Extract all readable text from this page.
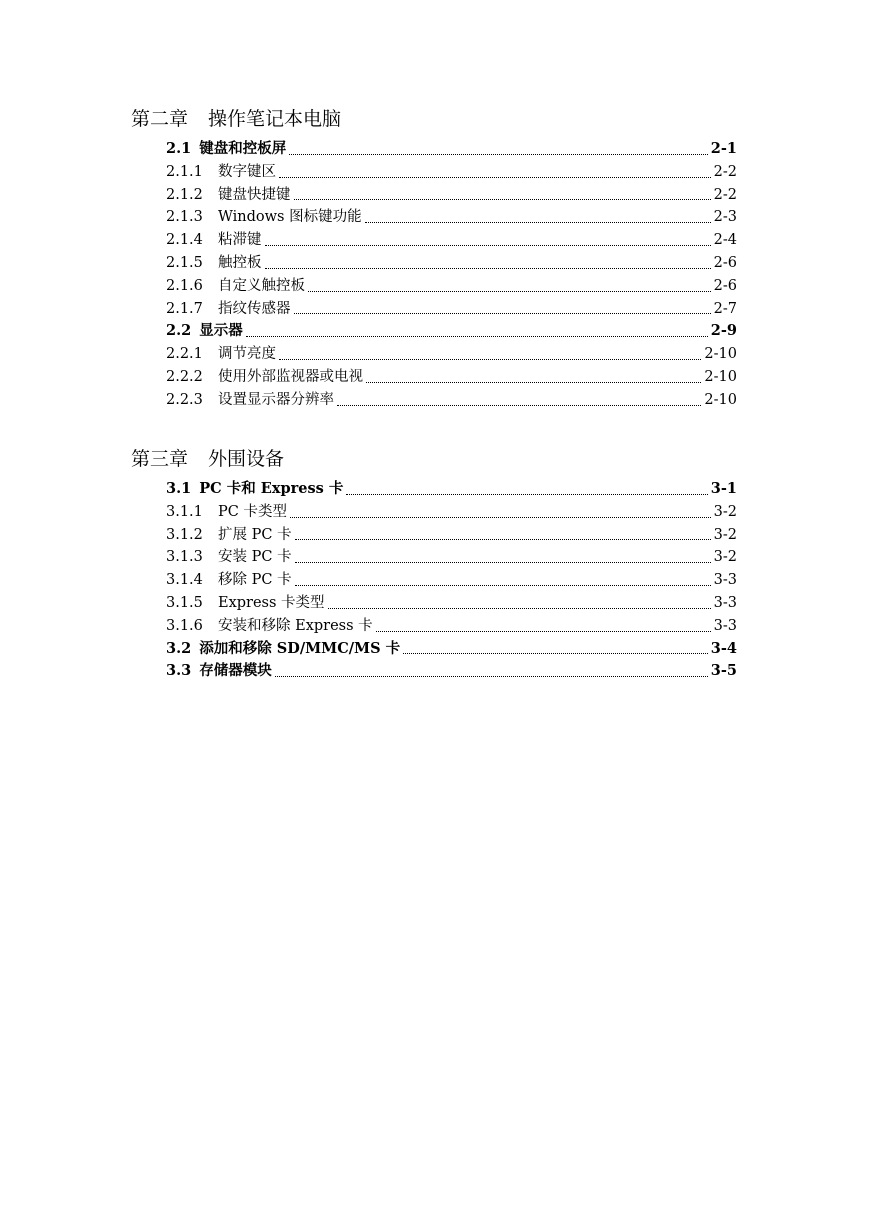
第二章 操作笔记本电脑
2.1 键盘和控板屏	2-1
2.1.1	数字键区	2-2
2.1.2	键盘快捷键	2-2
2.1.3	Windows 图标键功能	2-3
2.1.4	粘滞键	2-4
2.1.5	触控板	2-6
2.1.6	自定义触控板	2-6
2.1.7	指纹传感器	2-7
2.2 显示器	2-9
2.2.1	调节亮度	2-10
2.2.2	使用外部监视器或电视	2-10
2.2.3	设置显示器分辨率	2-10
第三章 外围设备
3.1 PC 卡和 Express 卡	3-1
3.1.1	PC 卡类型	3-2
3.1.2	扩展 PC 卡	3-2
3.1.3	安装 PC 卡	3-2
3.1.4	移除 PC 卡	3-3
3.1.5	Express 卡类型	3-3
3.1.6	安装和移除 Express 卡	3-3
3.2 添加和移除 SD/MMC/MS 卡	3-4
3.3 存储器模块	3-5
